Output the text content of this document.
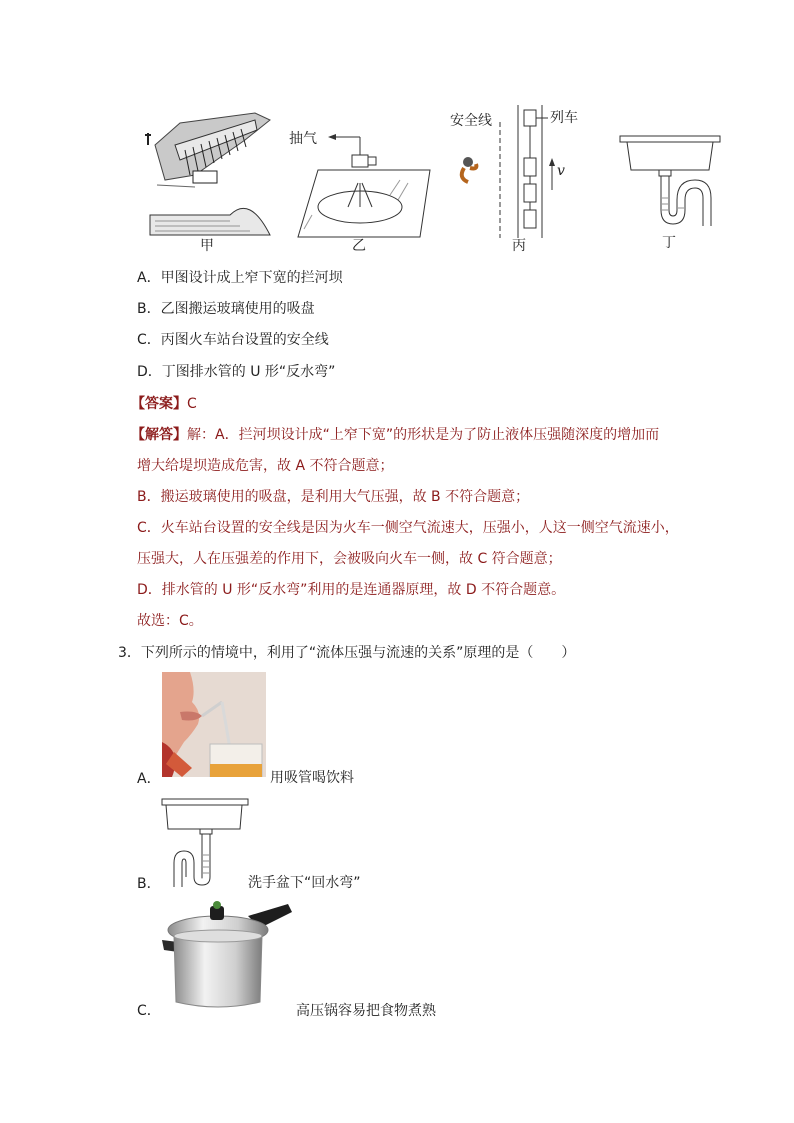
甲
抽气
乙
安全线	列车
v
丙	丁
A．甲图设计成上窄下宽的拦河坝
B．乙图搬运玻璃使用的吸盘
C．丙图火车站台设置的安全线
D．丁图排水管的 U 形“反水弯”
【答案】C
【解答】解：A．拦河坝设计成“上窄下宽”的形状是为了防止液体压强随深度的增加而
增大给堤坝造成危害，故 A 不符合题意；
B．搬运玻璃使用的吸盘，是利用大气压强，故 B 不符合题意；
C．火车站台设置的安全线是因为火车一侧空气流速大，压强小，人这一侧空气流速小，
压强大，人在压强差的作用下，会被吸向火车一侧，故 C 符合题意；
D．排水管的 U 形“反水弯”利用的是连通器原理，故 D 不符合题意。
故选：C。
3．下列所示的情境中，利用了“流体压强与流速的关系”原理的是（　　）
A．	用吸管喝饮料
B．	洗手盆下“回水弯”
C．	高压锅容易把食物煮熟
